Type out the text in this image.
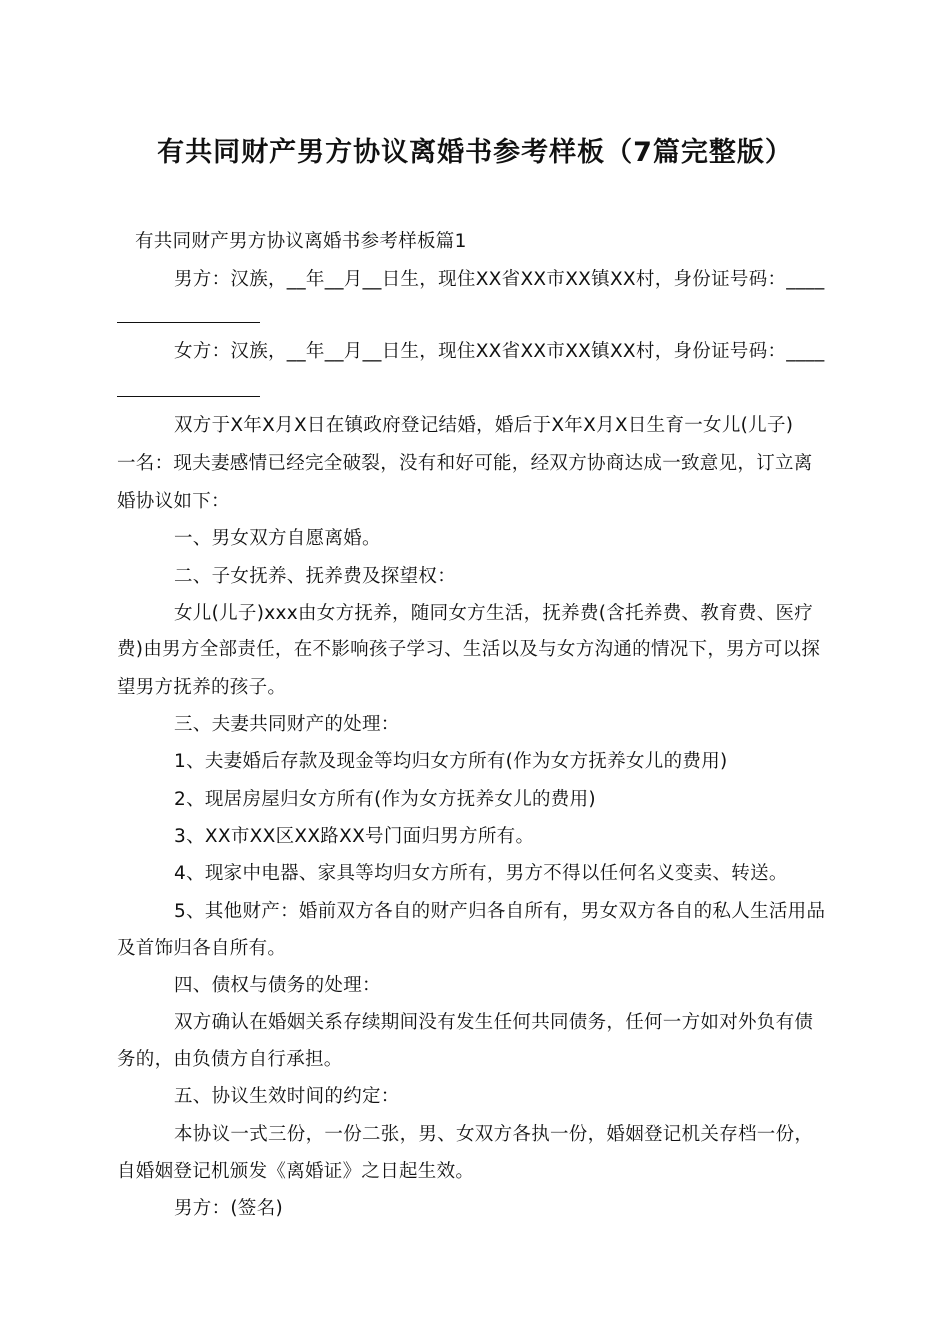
有共同财产男方协议离婚书参考样板（7篇完整版）
有共同财产男方协议离婚书参考样板篇1
男方：汉族，__年__月__日生，现住XX省XX市XX镇XX村，身份证号码：____
女方：汉族，__年__月__日生，现住XX省XX市XX镇XX村，身份证号码：____
双方于X年X月X日在镇政府登记结婚，婚后于X年X月X日生育一女儿(儿子)
一名：现夫妻感情已经完全破裂，没有和好可能，经双方协商达成一致意见，订立离
婚协议如下：
一、男女双方自愿离婚。
二、子女抚养、抚养费及探望权：
女儿(儿子)xxx由女方抚养，随同女方生活，抚养费(含托养费、教育费、医疗
费)由男方全部责任，在不影响孩子学习、生活以及与女方沟通的情况下，男方可以探
望男方抚养的孩子。
三、夫妻共同财产的处理：
1、夫妻婚后存款及现金等均归女方所有(作为女方抚养女儿的费用)
2、现居房屋归女方所有(作为女方抚养女儿的费用)
3、XX市XX区XX路XX号门面归男方所有。
4、现家中电器、家具等均归女方所有，男方不得以任何名义变卖、转送。
5、其他财产：婚前双方各自的财产归各自所有，男女双方各自的私人生活用品
及首饰归各自所有。
四、债权与债务的处理：
双方确认在婚姻关系存续期间没有发生任何共同债务，任何一方如对外负有债
务的，由负债方自行承担。
五、协议生效时间的约定：
本协议一式三份，一份二张，男、女双方各执一份，婚姻登记机关存档一份，
自婚姻登记机颁发《离婚证》之日起生效。
男方：(签名)
